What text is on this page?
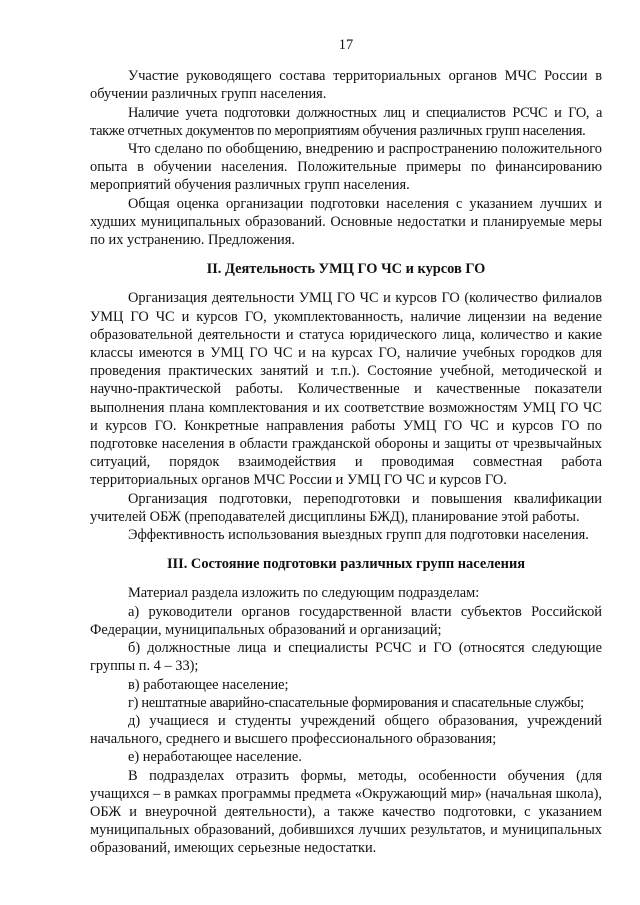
17

Участие руководящего состава территориальных органов МЧС России в обучении различных групп населения.

Наличие учета подготовки должностных лиц и специалистов РСЧС и ГО, а также отчетных документов по мероприятиям обучения различных групп населения.

Что сделано по обобщению, внедрению и распространению положительного опыта в обучении населения. Положительные примеры по финансированию мероприятий обучения различных групп населения.

Общая оценка организации подготовки населения с указанием лучших и худших муниципальных образований. Основные недостатки и планируемые меры по их устранению. Предложения.

II. Деятельность УМЦ ГО ЧС и курсов ГО

Организация деятельности УМЦ ГО ЧС и курсов ГО (количество филиалов УМЦ ГО ЧС и курсов ГО, укомплектованность, наличие лицензии на ведение образовательной деятельности и статуса юридического лица, количество и какие классы имеются в УМЦ ГО ЧС и на курсах ГО, наличие учебных городков для проведения практических занятий и т.п.). Состояние учебной, методической и научно-практической работы. Количественные и качественные показатели выполнения плана комплектования и их соответствие возможностям УМЦ ГО ЧС и курсов ГО. Конкретные направления работы УМЦ ГО ЧС и курсов ГО по подготовке населения в области гражданской обороны и защиты от чрезвычайных ситуаций, порядок взаимодействия и проводимая совместная работа территориальных органов МЧС России и УМЦ ГО ЧС и курсов ГО.

Организация подготовки, переподготовки и повышения квалификации учителей ОБЖ (преподавателей дисциплины БЖД), планирование этой работы.

Эффективность использования выездных групп для подготовки населения.

III. Состояние подготовки различных групп населения

Материал раздела изложить по следующим подразделам:

а) руководители органов государственной власти субъектов Российской Федерации, муниципальных образований и организаций;

б) должностные лица и специалисты РСЧС и ГО (относятся следующие группы п. 4 – 33);

в) работающее население;

г) нештатные аварийно-спасательные формирования и спасательные службы;

д) учащиеся и студенты учреждений общего образования, учреждений начального, среднего и высшего профессионального образования;

е) неработающее население.

В подразделах отразить формы, методы, особенности обучения (для учащихся – в рамках программы предмета «Окружающий мир» (начальная школа), ОБЖ и внеурочной деятельности), а также качество подготовки, с указанием муниципальных образований, добившихся лучших результатов, и муниципальных образований, имеющих серьезные недостатки.
